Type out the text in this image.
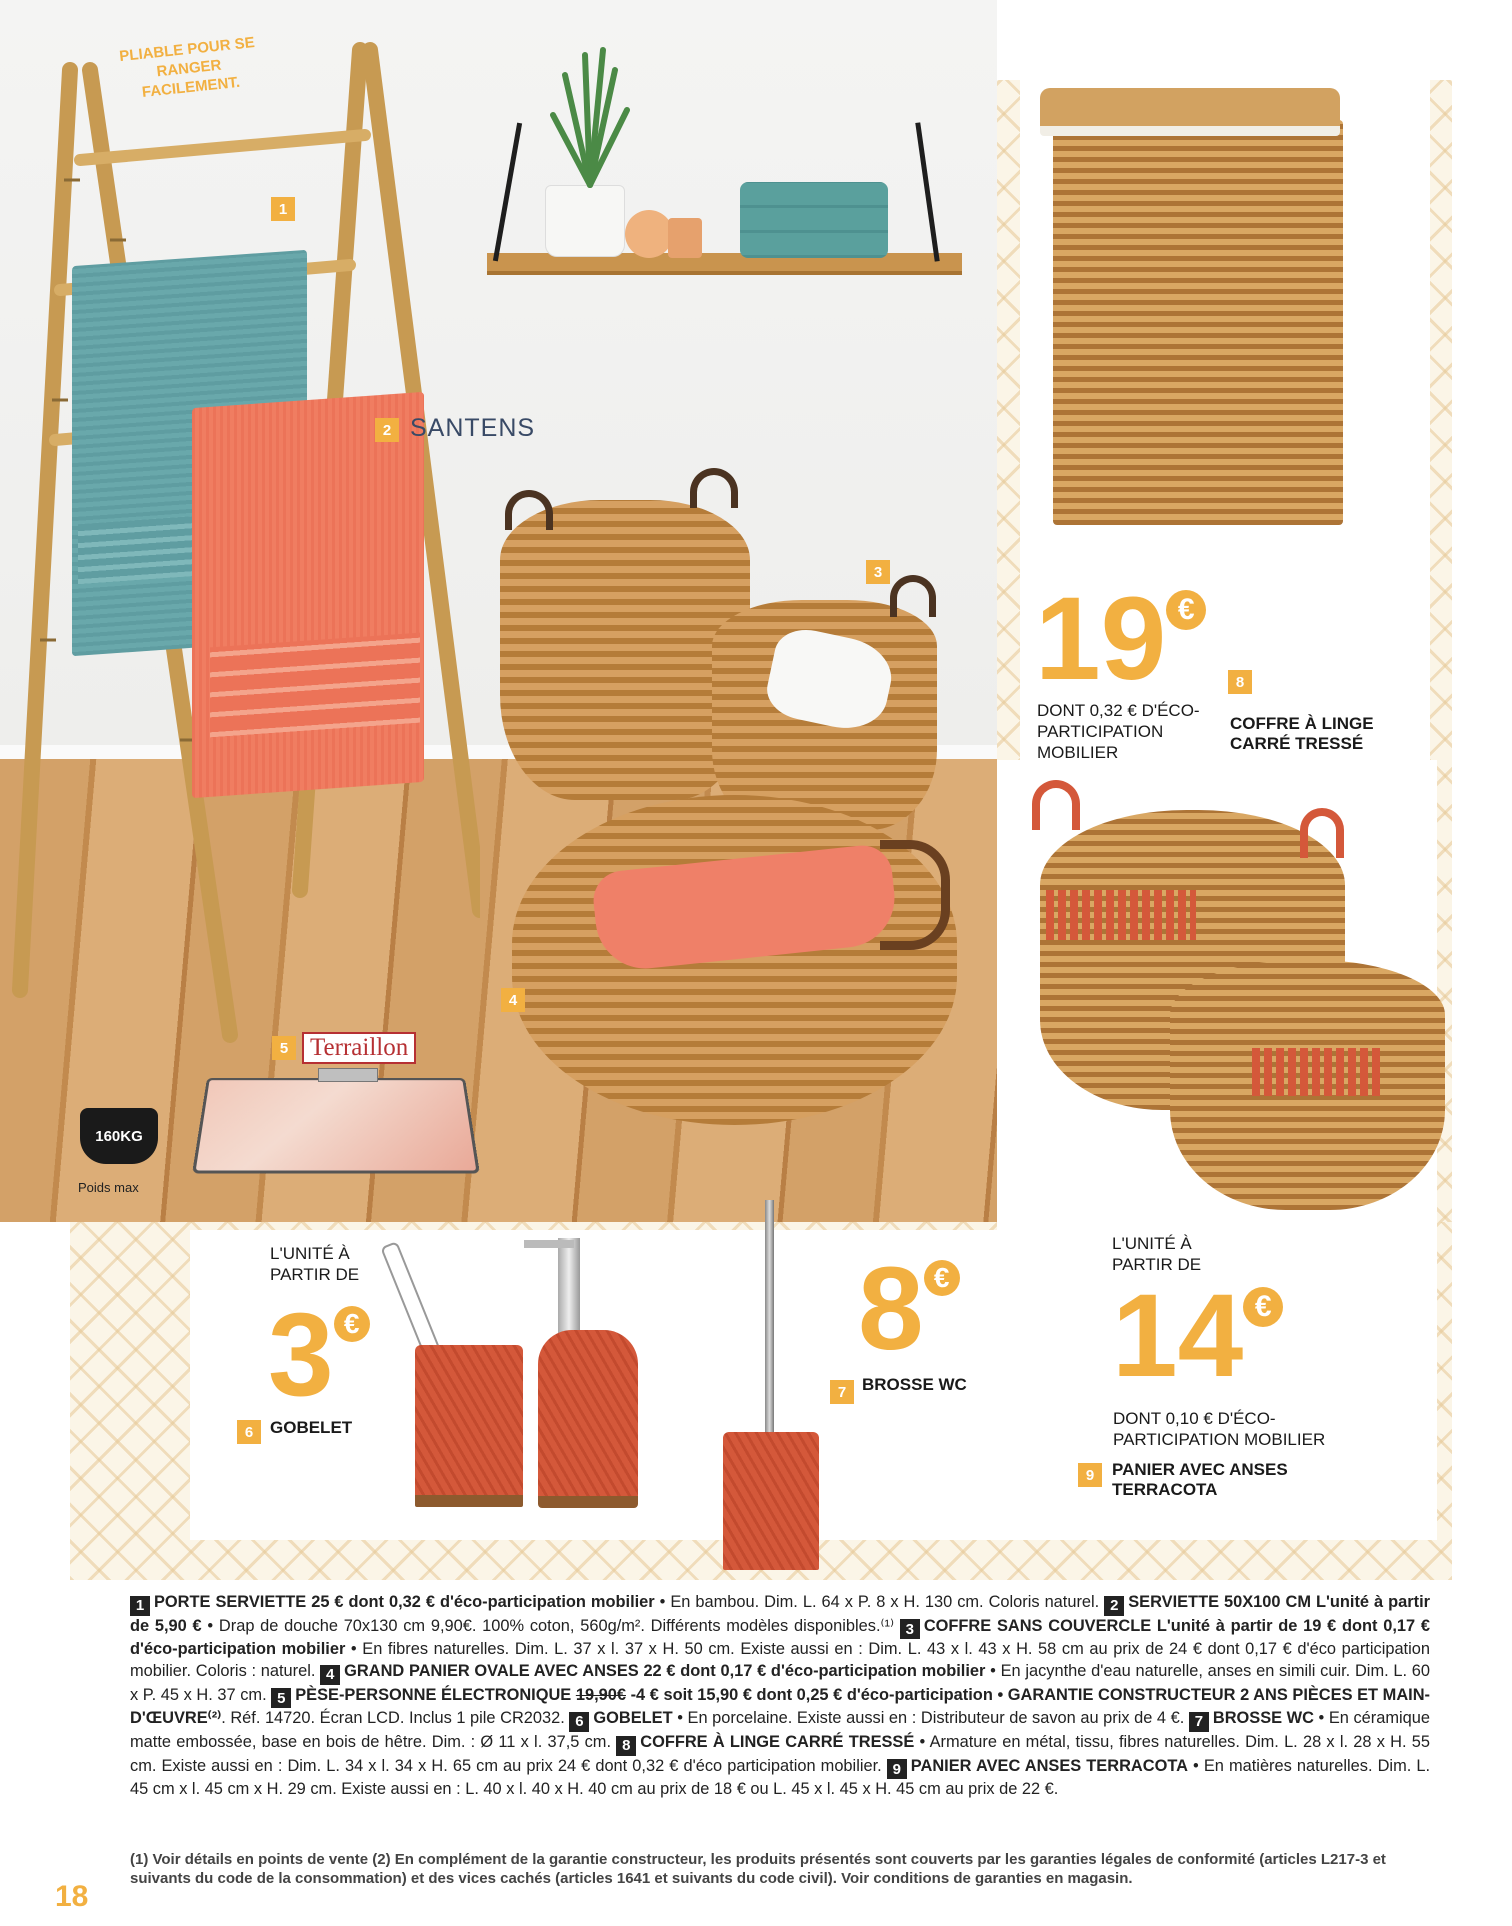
PLIABLE POUR SE RANGER FACILEMENT.
1
2 SANTENS
3
4
5 Terraillon
160KG
Poids max
19 €
DONT 0,32 € D'ÉCO-PARTICIPATION MOBILIER
8
COFFRE À LINGE CARRÉ TRESSÉ
L'UNITÉ À PARTIR DE
14 €
DONT 0,10 € D'ÉCO-PARTICIPATION MOBILIER
9	PANIER AVEC ANSES TERRACOTA
L'UNITÉ À PARTIR DE
3 €
6 GOBELET
8 €
7 BROSSE WC
1 PORTE SERVIETTE 25 € dont 0,32 € d'éco-participation mobilier • En bambou. Dim. L. 64 x P. 8 x H. 130 cm. Coloris naturel. 2 SERVIETTE 50X100 CM L'unité à partir de 5,90 € • Drap de douche 70x130 cm 9,90€. 100% coton, 560g/m². Différents modèles disponibles.⁽¹⁾ 3 COFFRE SANS COUVERCLE L'unité à partir de 19 € dont 0,17 € d'éco-participation mobilier • En fibres naturelles. Dim. L. 37 x l. 37 x H. 50 cm. Existe aussi en : Dim. L. 43 x l. 43 x H. 58 cm au prix de 24 € dont 0,17 € d'éco participation mobilier. Coloris : naturel. 4 GRAND PANIER OVALE AVEC ANSES 22 € dont 0,17 € d'éco-participation mobilier • En jacynthe d'eau naturelle, anses en simili cuir. Dim. L. 60 x P. 45 x H. 37 cm. 5 PÈSE-PERSONNE ÉLECTRONIQUE 19,90€ -4 € soit 15,90 € dont 0,25 € d'éco-participation • GARANTIE CONSTRUCTEUR 2 ANS PIÈCES ET MAIN-D'ŒUVRE⁽²⁾. Réf. 14720. Écran LCD. Inclus 1 pile CR2032. 6 GOBELET • En porcelaine. Existe aussi en : Distributeur de savon au prix de 4 €. 7 BROSSE WC • En céramique matte embossée, base en bois de hêtre. Dim. : Ø 11 x l. 37,5 cm. 8 COFFRE À LINGE CARRÉ TRESSÉ • Armature en métal, tissu, fibres naturelles. Dim. L. 28 x l. 28 x H. 55 cm. Existe aussi en : Dim. L. 34 x l. 34 x H. 65 cm au prix 24 € dont 0,32 € d'éco participation mobilier. 9 PANIER AVEC ANSES TERRACOTA • En matières naturelles. Dim. L. 45 cm x l. 45 cm x H. 29 cm. Existe aussi en : L. 40 x l. 40 x H. 40 cm au prix de 18 € ou L. 45 x l. 45 x H. 45 cm au prix de 22 €.
(1) Voir détails en points de vente (2) En complément de la garantie constructeur, les produits présentés sont couverts par les garanties légales de conformité (articles L217-3 et suivants du code de la consommation) et des vices cachés (articles 1641 et suivants du code civil). Voir conditions de garanties en magasin.
18
